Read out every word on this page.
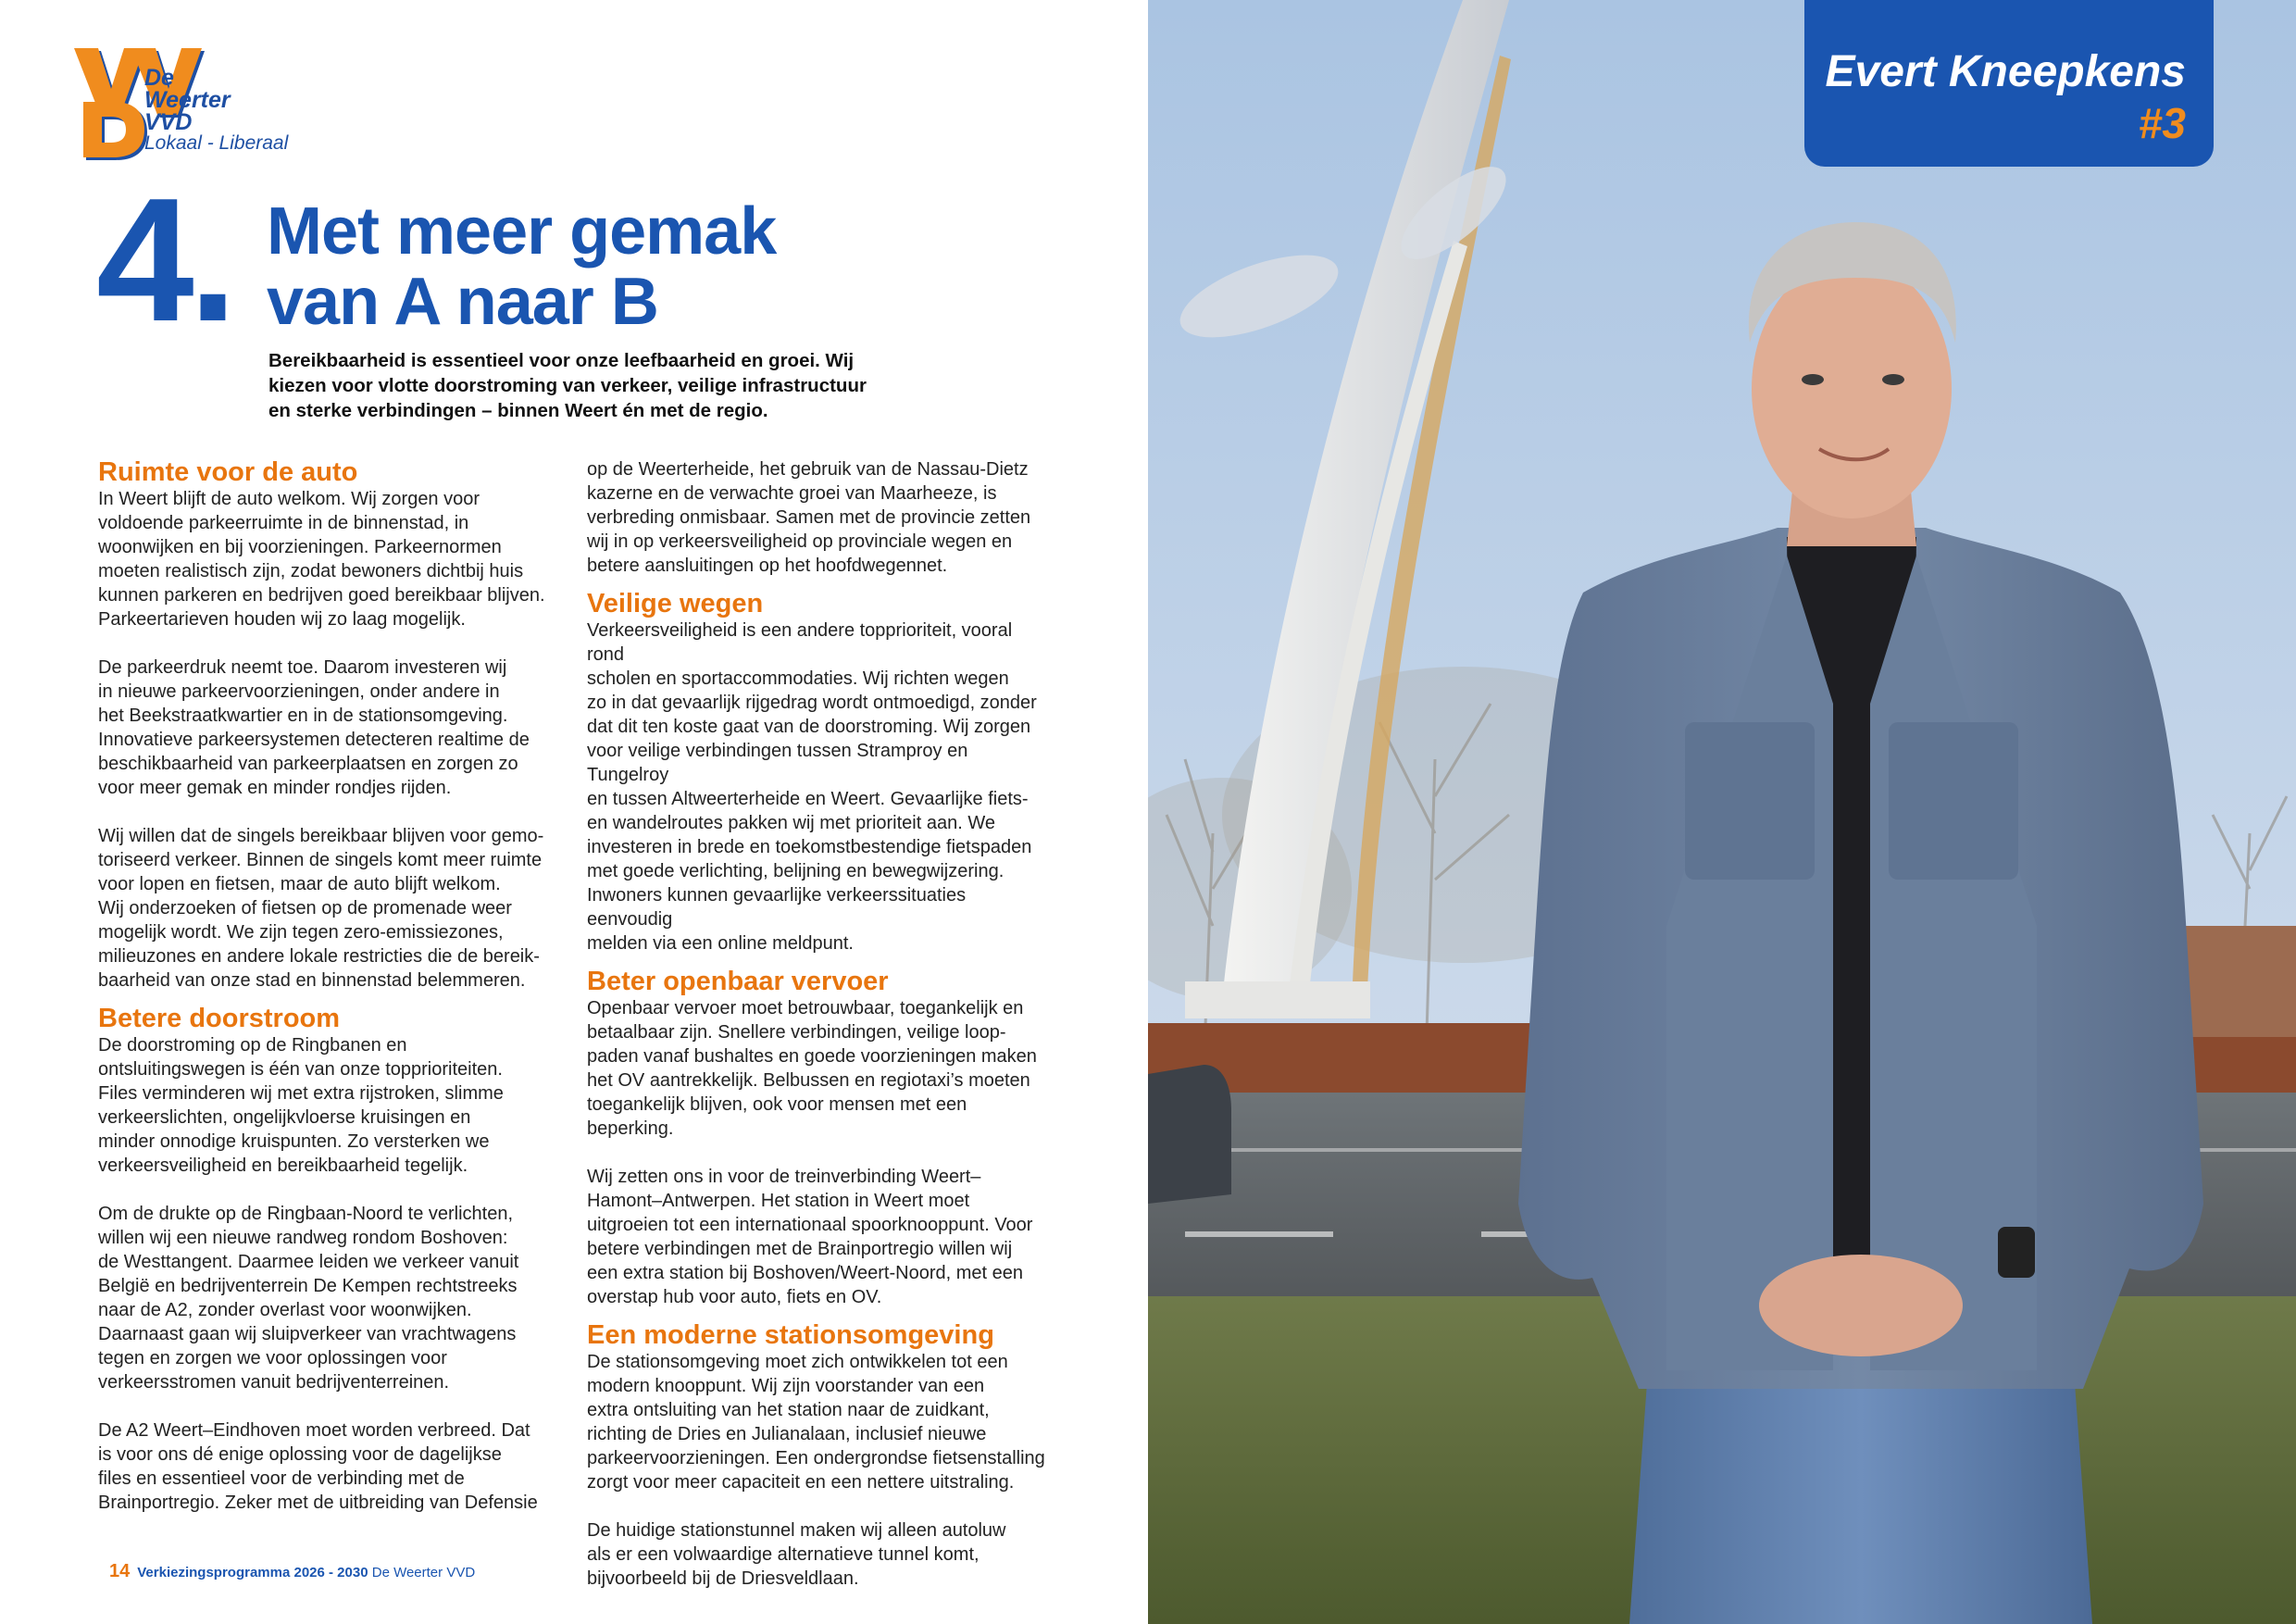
De
Weerter
VVD
Lokaal - Liberaal
4. Met meer gemak
van A naar B
Bereikbaarheid is essentieel voor onze leefbaarheid en groei. Wij kiezen voor vlotte doorstroming van verkeer, veilige infrastructuur en sterke verbindingen – binnen Weert én met de regio.
Ruimte voor de auto
In Weert blijft de auto welkom. Wij zorgen voor
voldoende parkeerruimte in de binnenstad, in
woonwijken en bij voorzieningen. Parkeernormen
moeten realistisch zijn, zodat bewoners dichtbij huis
kunnen parkeren en bedrijven goed bereikbaar blijven.
Parkeertarieven houden wij zo laag mogelijk.
De parkeerdruk neemt toe. Daarom investeren wij
in nieuwe parkeervoorzieningen, onder andere in
het Beekstraatkwartier en in de stationsomgeving.
Innovatieve parkeersystemen detecteren realtime de
beschikbaarheid van parkeerplaatsen en zorgen zo
voor meer gemak en minder rondjes rijden.
Wij willen dat de singels bereikbaar blijven voor gemo-
toriseerd verkeer. Binnen de singels komt meer ruimte
voor lopen en fietsen, maar de auto blijft welkom.
Wij onderzoeken of fietsen op de promenade weer
mogelijk wordt. We zijn tegen zero-emissiezones,
milieuzones en andere lokale restricties die de bereik-
baarheid van onze stad en binnenstad belemmeren.
Betere doorstroom
De doorstroming op de Ringbanen en
ontsluitingswegen is één van onze topprioriteiten.
Files verminderen wij met extra rijstroken, slimme
verkeerslichten, ongelijkvloerse kruisingen en
minder onnodige kruispunten. Zo versterken we
verkeersveiligheid en bereikbaarheid tegelijk.
Om de drukte op de Ringbaan-Noord te verlichten,
willen wij een nieuwe randweg rondom Boshoven:
de Westtangent. Daarmee leiden we verkeer vanuit
België en bedrijventerrein De Kempen rechtstreeks
naar de A2, zonder overlast voor woonwijken.
Daarnaast gaan wij sluipverkeer van vrachtwagens
tegen en zorgen we voor oplossingen voor
verkeersstromen vanuit bedrijventerreinen.
De A2 Weert–Eindhoven moet worden verbreed. Dat
is voor ons dé enige oplossing voor de dagelijkse
files en essentieel voor de verbinding met de
Brainportregio. Zeker met de uitbreiding van Defensie
op de Weerterheide, het gebruik van de Nassau-Dietz
kazerne en de verwachte groei van Maarheeze, is
verbreding onmisbaar. Samen met de provincie zetten
wij in op verkeersveiligheid op provinciale wegen en
betere aansluitingen op het hoofdwegennet.
Veilige wegen
Verkeersveiligheid is een andere topprioriteit, vooral rond
scholen en sportaccommodaties. Wij richten wegen
zo in dat gevaarlijk rijgedrag wordt ontmoedigd, zonder
dat dit ten koste gaat van de doorstroming. Wij zorgen
voor veilige verbindingen tussen Stramproy en Tungelroy
en tussen Altweerterheide en Weert. Gevaarlijke fiets-
en wandelroutes pakken wij met prioriteit aan. We
investeren in brede en toekomstbestendige fietspaden
met goede verlichting, belijning en bewegwijzering.
Inwoners kunnen gevaarlijke verkeerssituaties eenvoudig
melden via een online meldpunt.
Beter openbaar vervoer
Openbaar vervoer moet betrouwbaar, toegankelijk en
betaalbaar zijn. Snellere verbindingen, veilige loop-
paden vanaf bushaltes en goede voorzieningen maken
het OV aantrekkelijk. Belbussen en regiotaxi’s moeten
toegankelijk blijven, ook voor mensen met een beperking.
Wij zetten ons in voor de treinverbinding Weert–
Hamont–Antwerpen. Het station in Weert moet
uitgroeien tot een internationaal spoorknooppunt. Voor
betere verbindingen met de Brainportregio willen wij
een extra station bij Boshoven/Weert-Noord, met een
overstap hub voor auto, fiets en OV.
Een moderne stationsomgeving
De stationsomgeving moet zich ontwikkelen tot een
modern knooppunt. Wij zijn voorstander van een
extra ontsluiting van het station naar de zuidkant,
richting de Dries en Julianalaan, inclusief nieuwe
parkeervoorzieningen. Een ondergrondse fietsenstalling
zorgt voor meer capaciteit en een nettere uitstraling.
De huidige stationstunnel maken wij alleen autoluw
als er een volwaardige alternatieve tunnel komt,
bijvoorbeeld bij de Driesveldlaan.
14 Verkiezingsprogramma 2026 - 2030 De Weerter VVD
Evert Kneepkens
#3
